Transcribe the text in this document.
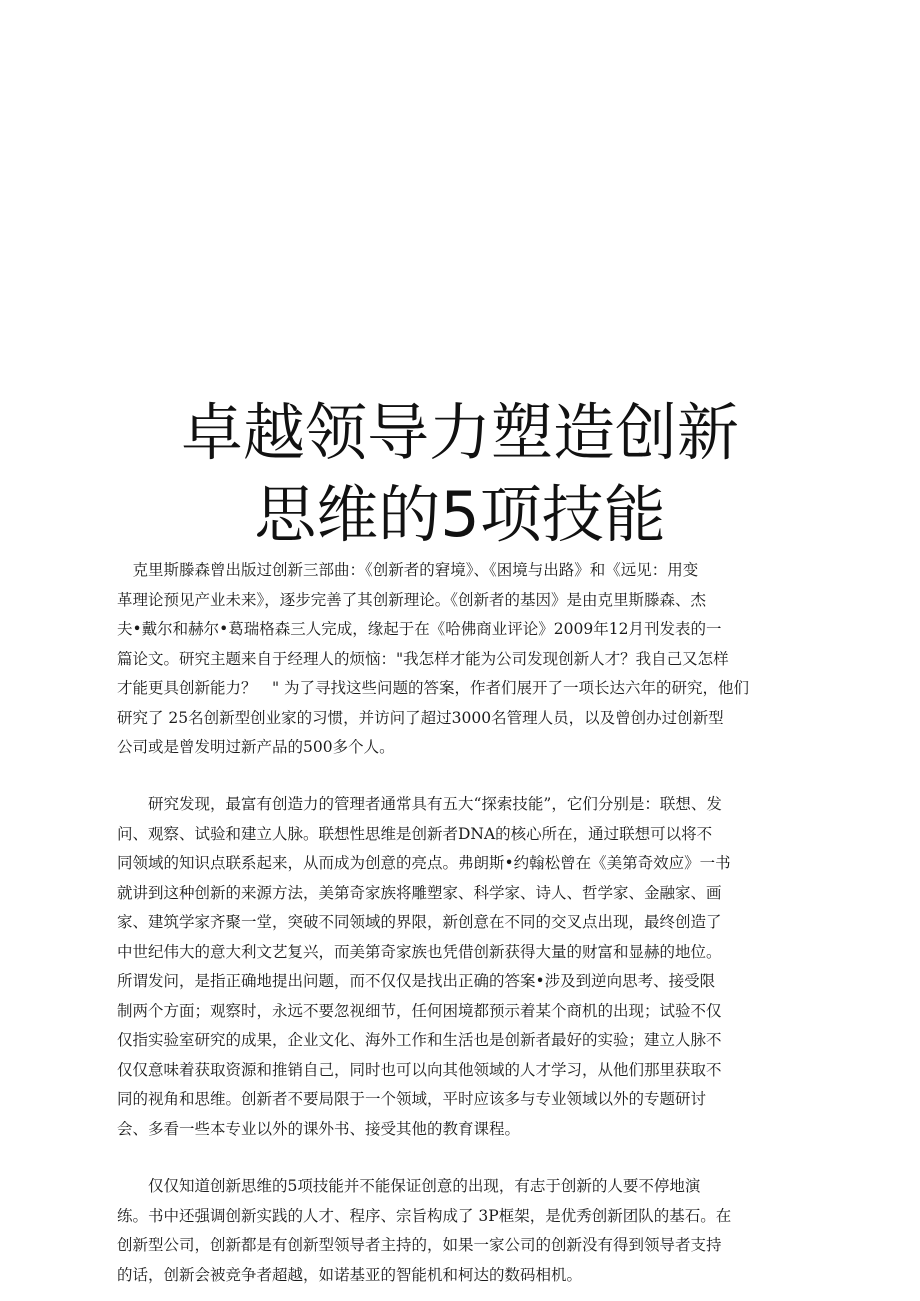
卓越领导力塑造创新
思维的5项技能
　克里斯滕森曾出版过创新三部曲：《创新者的窘境》、《困境与出路》和《远见：用变
革理论预见产业未来》，逐步完善了其创新理论。《创新者的基因》是由克里斯滕森、杰
夫•戴尔和赫尔•葛瑞格森三人完成，缘起于在《哈佛商业评论》2009年12月刊发表的一
篇论文。研究主题来自于经理人的烦恼："我怎样才能为公司发现创新人才？我自己又怎样
才能更具创新能力？　" 为了寻找这些问题的答案，作者们展开了一项长达六年的研究，他们
研究了 25名创新型创业家的习惯，并访问了超过3000名管理人员，以及曾创办过创新型
公司或是曾发明过新产品的500多个人。
　　研究发现，最富有创造力的管理者通常具有五大“探索技能”，它们分别是：联想、发
问、观察、试验和建立人脉。联想性思维是创新者DNA的核心所在，通过联想可以将不
同领域的知识点联系起来，从而成为创意的亮点。弗朗斯•约翰松曾在《美第奇效应》一书
就讲到这种创新的来源方法，美第奇家族将雕塑家、科学家、诗人、哲学家、金融家、画
家、建筑学家齐聚一堂，突破不同领域的界限，新创意在不同的交叉点出现，最终创造了
中世纪伟大的意大利文艺复兴，而美第奇家族也凭借创新获得大量的财富和显赫的地位。
所谓发问，是指正确地提出问题，而不仅仅是找出正确的答案•涉及到逆向思考、接受限
制两个方面；观察时，永远不要忽视细节，任何困境都预示着某个商机的出现；试验不仅
仅指实验室研究的成果，企业文化、海外工作和生活也是创新者最好的实验；建立人脉不
仅仅意味着获取资源和推销自己，同时也可以向其他领域的人才学习，从他们那里获取不
同的视角和思维。创新者不要局限于一个领域，平时应该多与专业领域以外的专题研讨
会、多看一些本专业以外的课外书、接受其他的教育课程。
　　仅仅知道创新思维的5项技能并不能保证创意的出现，有志于创新的人要不停地演
练。书中还强调创新实践的人才、程序、宗旨构成了 3P框架，是优秀创新团队的基石。在
创新型公司，创新都是有创新型领导者主持的，如果一家公司的创新没有得到领导者支持
的话，创新会被竞争者超越，如诺基亚的智能机和柯达的数码相机。
